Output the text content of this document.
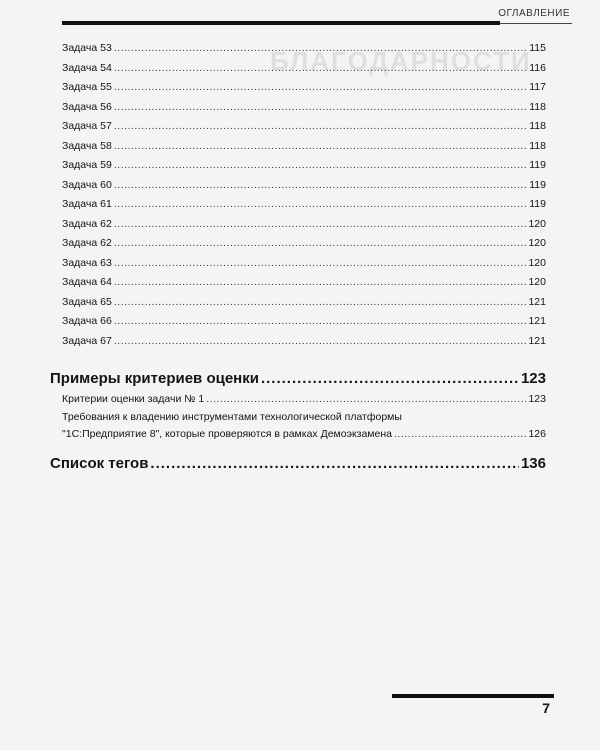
БЛАГОДАРНОСТИ
ОГЛАВЛЕНИЕ
Задача 53 .....	115
Задача 54 .....	116
Задача 55 .....	117
Задача 56 .....	118
Задача 57 .....	118
Задача 58 .....	118
Задача 59 .....	119
Задача 60 .....	119
Задача 61 .....	119
Задача 62 .....	120
Задача 62 .....	120
Задача 63 .....	120
Задача 64 .....	120
Задача 65 .....	121
Задача 66 .....	121
Задача 67 .....	121
Примеры критериев оценки .....	123
Критерии оценки задачи № 1 .....	123
Требования к владению инструментами технологической платформы
"1С:Предприятие 8", которые проверяются в рамках Демоэкзамена .....	126
Список тегов .....	136
7
